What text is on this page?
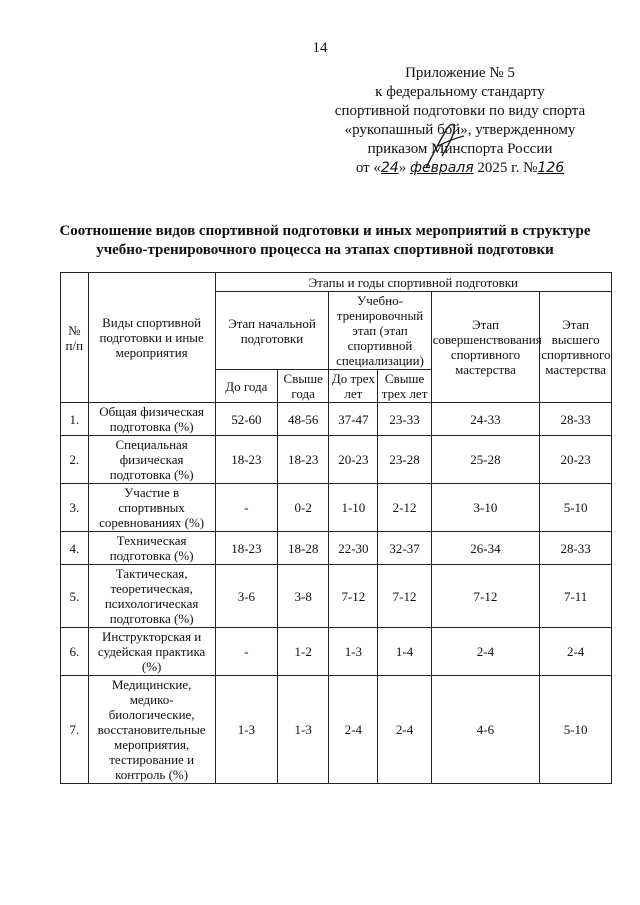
14
Приложение № 5
к федеральному стандарту
спортивной подготовки по виду спорта
«рукопашный бой», утвержденному
приказом Минспорта России
от «24» февраля 2025 г. №126
Соотношение видов спортивной подготовки и иных мероприятий в структуре
учебно-тренировочного процесса на этапах спортивной подготовки
№ п/п	Виды спортивной подготовки и иные мероприятия	Этапы и годы спортивной подготовки					
		Этап начальной подготовки		Учебно-тренировочный этап (этап спортивной специализации)		Этап совершенствования спортивного мастерства	Этап высшего спортивного мастерства
		До года	Свыше года	До трех лет	Свыше трех лет		
1.	Общая физическая подготовка (%)	52-60	48-56	37-47	23-33	24-33	28-33
2.	Специальная физическая подготовка (%)	18-23	18-23	20-23	23-28	25-28	20-23
3.	Участие в спортивных соревнованиях (%)	-	0-2	1-10	2-12	3-10	5-10
4.	Техническая подготовка (%)	18-23	18-28	22-30	32-37	26-34	28-33
5.	Тактическая, теоретическая, психологическая подготовка (%)	3-6	3-8	7-12	7-12	7-12	7-11
6.	Инструкторская и судейская практика (%)	-	1-2	1-3	1-4	2-4	2-4
7.	Медицинские, медико-биологические, восстановительные мероприятия, тестирование и контроль (%)	1-3	1-3	2-4	2-4	4-6	5-10
